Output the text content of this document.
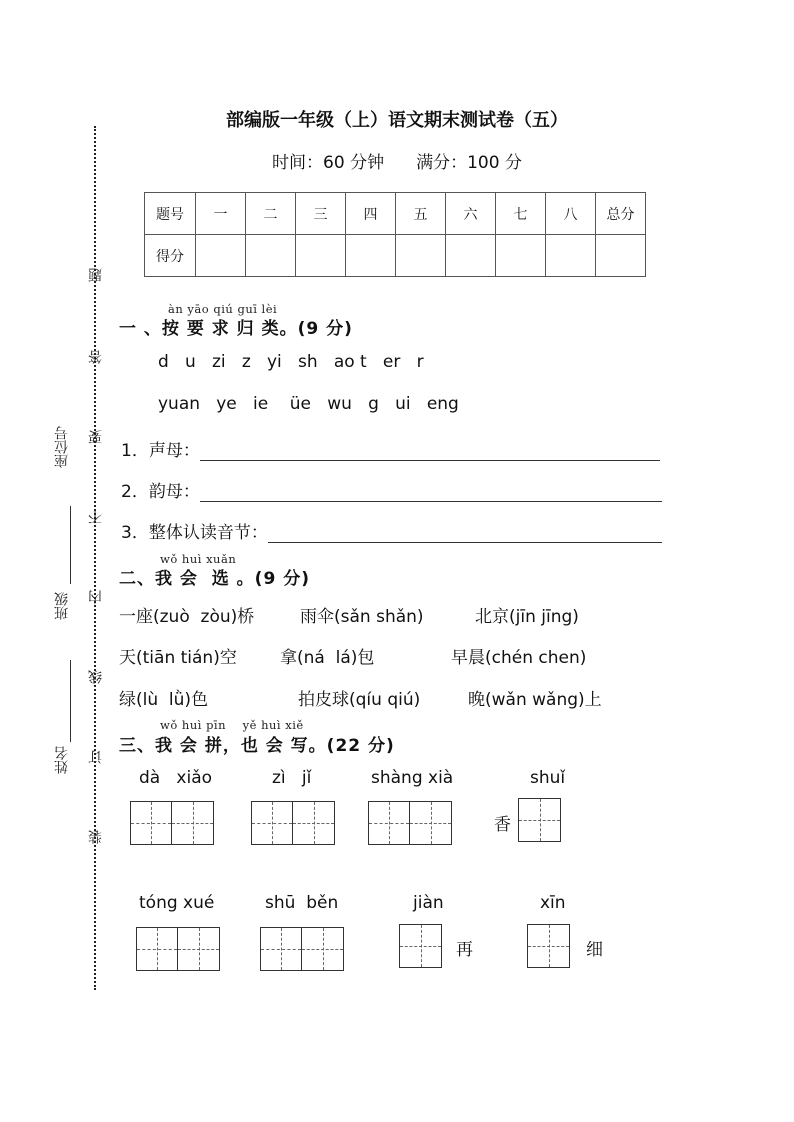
题
答
要
不
内
线
订
装
座位号
班级
姓名
部编版一年级（上）语文期末测试卷（五）
时间：60 分钟 满分：100 分
题号	一	二	三	四	五	六	七	八	总分
得分									
àn yāo qiú guī lèi
一 、按 要 求 归 类。(9 分)
d   u   zi   z   yi   sh   ao t   er   r
yuan   ye   ie    üe   wu   g   ui   eng
1．声母：
2．韵母：
3．整体认读音节：
wǒ huì xuǎn
二、我 会  选 。(9 分)
一座(zuò  zòu)桥	雨伞(sǎn shǎn)	北京(jīn jīng)
天(tiān tián)空	拿(ná  lá)包	早晨(chén chen)
绿(lù  lǜ)色	拍皮球(qíu qiú)	晚(wǎn wǎng)上
wǒ huì pīn    yě huì xiě
三、我 会 拼，也 会 写。(22 分)
dà   xiǎo	zì   jǐ	shàng xià	shuǐ
香
tóng xué	shū  běn	jiàn
再
xīn
细
